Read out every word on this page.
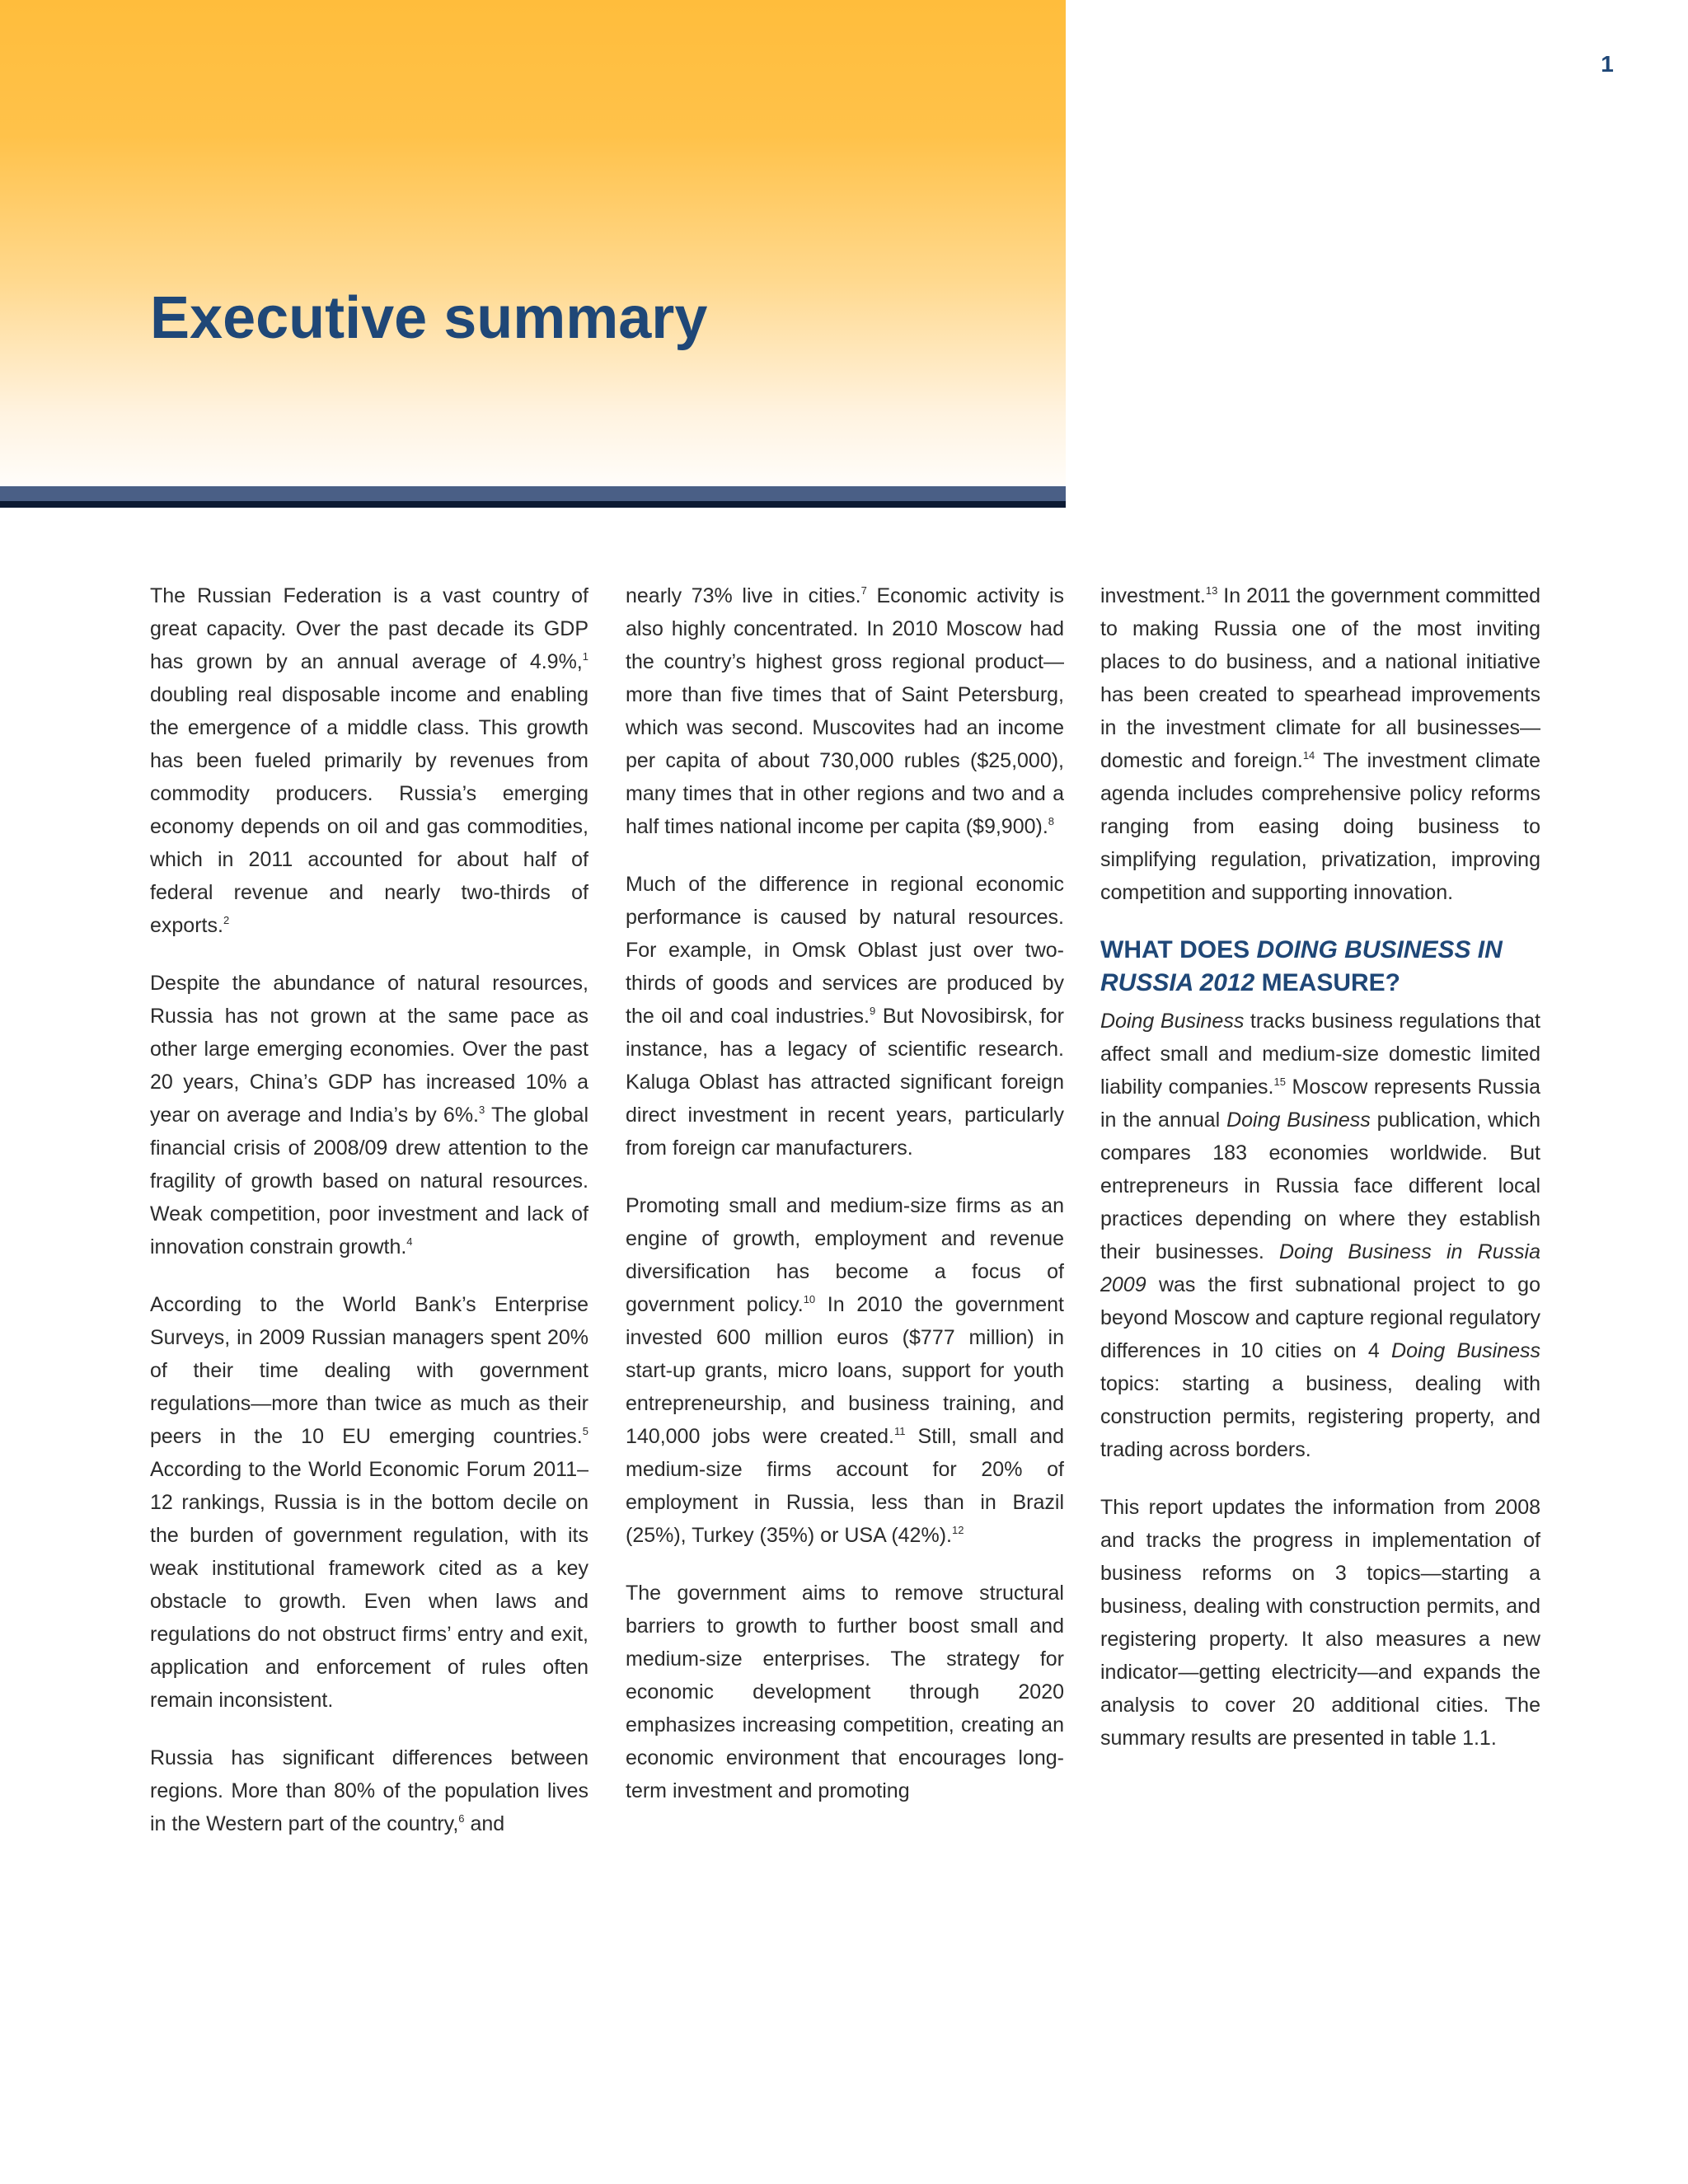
1
Executive summary

The Russian Federation is a vast country of great capacity. Over the past decade its GDP has grown by an annual average of 4.9%,$^1$ doubling real disposable income and enabling the emergence of a middle class. This growth has been fueled primarily by revenues from commodity producers. Russia’s emerging economy depends on oil and gas commodities, which in 2011 accounted for about half of federal revenue and nearly two-thirds of exports.$^2$

Despite the abundance of natural resources, Russia has not grown at the same pace as other large emerging economies. Over the past 20 years, China’s GDP has increased 10% a year on average and India’s by 6%.$^3$ The global financial crisis of 2008/09 drew attention to the fragility of growth based on natural resources. Weak competition, poor investment and lack of innovation constrain growth.$^4$

According to the World Bank’s Enterprise Surveys, in 2009 Russian managers spent 20% of their time dealing with government regulations—more than twice as much as their peers in the 10 EU emerging countries.$^5$ According to the World Economic Forum 2011–12 rankings, Russia is in the bottom decile on the burden of government regulation, with its weak institutional framework cited as a key obstacle to growth. Even when laws and regulations do not obstruct firms’ entry and exit, application and enforcement of rules often remain inconsistent.

Russia has significant differences between regions. More than 80% of the population lives in the Western part of the country,$^6$ and

nearly 73% live in cities.$^7$ Economic activity is also highly concentrated. In 2010 Moscow had the country’s highest gross regional product—more than five times that of Saint Petersburg, which was second. Muscovites had an income per capita of about 730,000 rubles ($25,000), many times that in other regions and two and a half times national income per capita ($9,900).$^8$

Much of the difference in regional economic performance is caused by natural resources. For example, in Omsk Oblast just over two-thirds of goods and services are produced by the oil and coal industries.$^9$ But Novosibirsk, for instance, has a legacy of scientific research. Kaluga Oblast has attracted significant foreign direct investment in recent years, particularly from foreign car manufacturers.

Promoting small and medium-size firms as an engine of growth, employment and revenue diversification has become a focus of government policy.$^{10}$ In 2010 the government invested 600 million euros ($777 million) in start-up grants, micro loans, support for youth entrepreneurship, and business training, and 140,000 jobs were created.$^{11}$ Still, small and medium-size firms account for 20% of employment in Russia, less than in Brazil (25%), Turkey (35%) or USA (42%).$^{12}$

The government aims to remove structural barriers to growth to further boost small and medium-size enterprises. The strategy for economic development through 2020 emphasizes increasing competition, creating an economic environment that encourages long-term investment and promoting

investment.$^{13}$ In 2011 the government committed to making Russia one of the most inviting places to do business, and a national initiative has been created to spearhead improvements in the investment climate for all businesses—domestic and foreign.$^{14}$ The investment climate agenda includes comprehensive policy reforms ranging from easing doing business to simplifying regulation, privatization, improving competition and supporting innovation.

WHAT DOES DOING BUSINESS IN RUSSIA 2012 MEASURE?

Doing Business tracks business regulations that affect small and medium-size domestic limited liability companies.$^{15}$ Moscow represents Russia in the annual Doing Business publication, which compares 183 economies worldwide. But entrepreneurs in Russia face different local practices depending on where they establish their businesses. Doing Business in Russia 2009 was the first subnational project to go beyond Moscow and capture regional regulatory differences in 10 cities on 4 Doing Business topics: starting a business, dealing with construction permits, registering property, and trading across borders.

This report updates the information from 2008 and tracks the progress in implementation of business reforms on 3 topics—starting a business, dealing with construction permits, and registering property. It also measures a new indicator—getting electricity—and expands the analysis to cover 20 additional cities. The summary results are presented in table 1.1.
